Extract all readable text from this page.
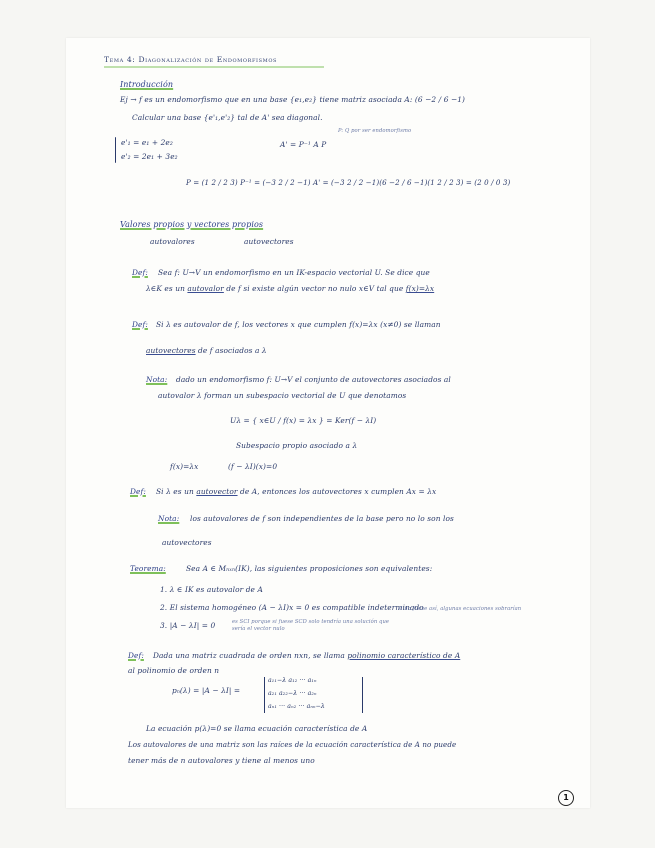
Tema 4: Diagonalización de Endomorfismos
Introducción
Ej → f es un endomorfismo que en una base {e₁,e₂} tiene matriz asociada A: (6 −2 / 6 −1)
Calcular una base {e'₁,e'₂} tal de A' sea diagonal.
P: Q por ser endomorfismo
e'₁ = e₁ + 2e₂
e'₂ = 2e₁ + 3e₂
A' = P⁻¹ A P
P = (1 2 / 2 3) P⁻¹ = (−3 2 / 2 −1) A' = (−3 2 / 2 −1)(6 −2 / 6 −1)(1 2 / 2 3) = (2 0 / 0 3)
Valores propios y vectores propios
autovalores	autovectores
Def: Sea f: U→V un endomorfismo en un IK-espacio vectorial U. Se dice que
λ∈K es un autovalor de f si existe algún vector no nulo x∈V tal que f(x)=λx
Def: Si λ es autovalor de f, los vectores x que cumplen f(x)=λx (x≠0) se llaman
autovectores de f asociados a λ
Nota: dado un endomorfismo f: U→V el conjunto de autovectores asociados al
autovalor λ forman un subespacio vectorial de U que denotamos
Uλ = { x∈U / f(x) = λx } = Ker(f − λI)
Subespacio propio asociado a λ
f(x)=λx	(f − λI)(x)=0
Def: Si λ es un autovector de A, entonces los autovectores x cumplen Ax = λx
Nota: los autovalores de f son independientes de la base pero no lo son los
autovectores
Teorema:	Sea A ∈ Mₙₓₙ(IK), las siguientes proposiciones son equivalentes:
1. λ ∈ IK es autovalor de A
2. El sistema homogéneo (A − λI)x = 0 es compatible indeterminado
si no fuese así, algunas ecuaciones sobrarían
3. |A − λI| = 0	es SCI porque si fuese SCD solo tendría una solución que sería el vector nulo
Def: Dada una matriz cuadrada de orden nxn, se llama polinomio característico de A
al polinomio de orden n
pₙ(λ) = |A − λI| =
a₁₁−λ a₁₂ ··· a₁ₙ
a₂₁ a₂₂−λ ··· a₂ₙ
aₙ₁ ··· aₙ₂ ··· aₙₙ−λ
La ecuación p(λ)=0 se llama ecuación característica de A
Los autovalores de una matriz son las raíces de la ecuación característica de A no puede
tener más de n autovalores y tiene al menos uno
1
